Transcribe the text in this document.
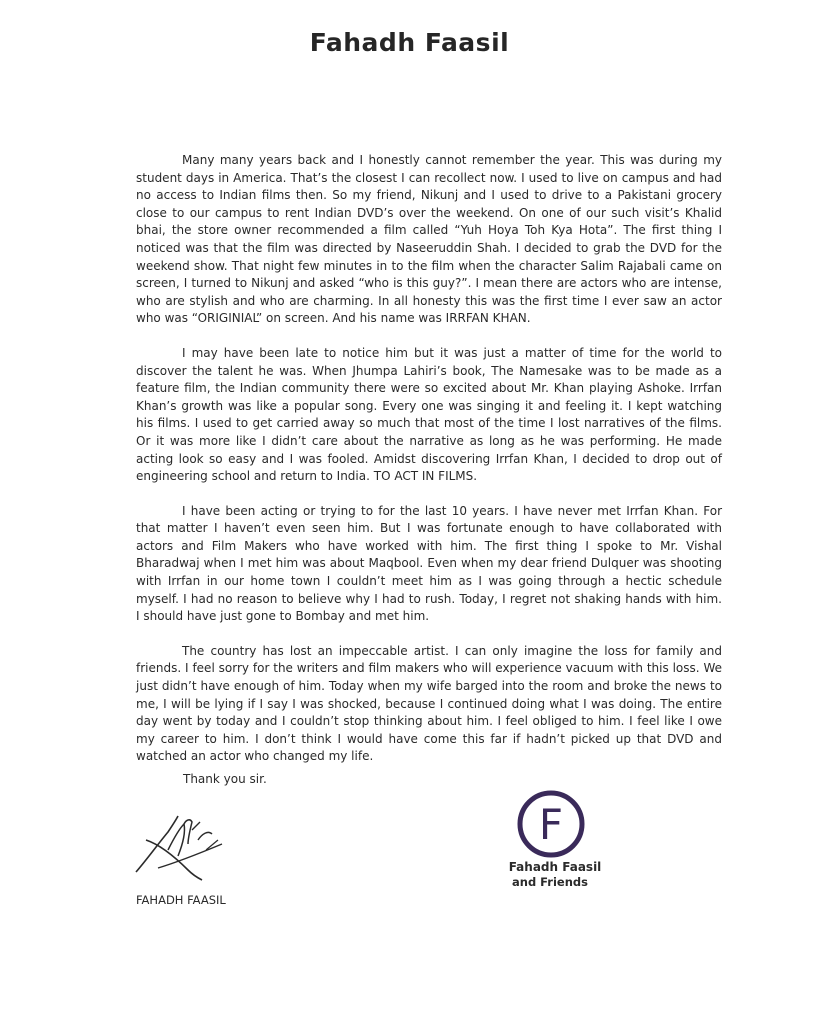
Fahadh Faasil

Many many years back and I honestly cannot remember the year. This was during my student days in America. That’s the closest I can recollect now. I used to live on campus and had no access to Indian films then. So my friend, Nikunj and I used to drive to a Pakistani grocery close to our campus to rent Indian DVD’s over the weekend. On one of our such visit’s Khalid bhai, the store owner recommended a film called “Yuh Hoya Toh Kya Hota”. The first thing I noticed was that the film was directed by Naseeruddin Shah. I decided to grab the DVD for the weekend show. That night few minutes in to the film when the character Salim Rajabali came on screen, I turned to Nikunj and asked “who is this guy?”. I mean there are actors who are intense, who are stylish and who are charming. In all honesty this was the first time I ever saw an actor who was “ORIGINIAL” on screen. And his name was IRRFAN KHAN.

I may have been late to notice him but it was just a matter of time for the world to discover the talent he was. When Jhumpa Lahiri’s book, The Namesake was to be made as a feature film, the Indian community there were so excited about Mr. Khan playing Ashoke. Irrfan Khan’s growth was like a popular song. Every one was singing it and feeling it. I kept watching his films. I used to get carried away so much that most of the time I lost narratives of the films. Or it was more like I didn’t care about the narrative as long as he was performing. He made acting look so easy and I was fooled. Amidst discovering Irrfan Khan, I decided to drop out of engineering school and return to India. TO ACT IN FILMS.

I have been acting or trying to for the last 10 years. I have never met Irrfan Khan. For that matter I haven’t even seen him. But I was fortunate enough to have collaborated with actors and Film Makers who have worked with him. The first thing I spoke to Mr. Vishal Bharadwaj when I met him was about Maqbool. Even when my dear friend Dulquer was shooting with Irrfan in our home town I couldn’t meet him as I was going through a hectic schedule myself. I had no reason to believe why I had to rush. Today, I regret not shaking hands with him. I should have just gone to Bombay and met him.

The country has lost an impeccable artist. I can only imagine the loss for family and friends. I feel sorry for the writers and film makers who will experience vacuum with this loss. We just didn’t have enough of him. Today when my wife barged into the room and broke the news to me, I will be lying if I say I was shocked, because I continued doing what I was doing. The entire day went by today and I couldn’t stop thinking about him. I feel obliged to him. I feel like I owe my career to him. I don’t think I would have come this far if hadn’t picked up that DVD and watched an actor who changed my life.

Thank you sir.
FAHADH FAASIL
F
Fahadh Faasil
and Friends
